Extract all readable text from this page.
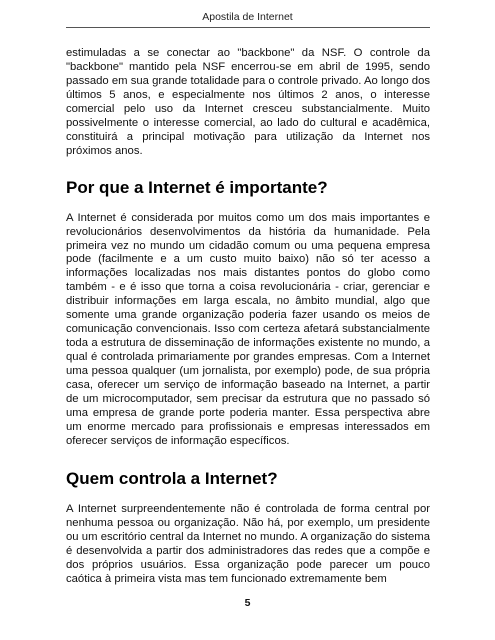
Apostila de Internet

estimuladas a se conectar ao "backbone" da NSF. O controle da "backbone" mantido pela NSF encerrou-se em abril de 1995, sendo passado em sua grande totalidade para o controle privado. Ao longo dos últimos 5 anos, e especialmente nos últimos 2 anos, o interesse comercial pelo uso da Internet cresceu substancialmente. Muito possivelmente o interesse comercial, ao lado do cultural e acadêmica, constituirá a principal motivação para utilização da Internet nos próximos anos.

Por que a Internet é importante?

A Internet é considerada por muitos como um dos mais importantes e revolucionários desenvolvimentos da história da humanidade. Pela primeira vez no mundo um cidadão comum ou uma pequena empresa pode (facilmente e a um custo muito baixo) não só ter acesso a informações localizadas nos mais distantes pontos do globo como também - e é isso que torna a coisa revolucionária - criar, gerenciar e distribuir informações em larga escala, no âmbito mundial, algo que somente uma grande organização poderia fazer usando os meios de comunicação convencionais. Isso com certeza afetará substancialmente toda a estrutura de disseminação de informações existente no mundo, a qual é controlada primariamente por grandes empresas. Com a Internet uma pessoa qualquer (um jornalista, por exemplo) pode, de sua própria casa, oferecer um serviço de informação baseado na Internet, a partir de um microcomputador, sem precisar da estrutura que no passado só uma empresa de grande porte poderia manter. Essa perspectiva abre um enorme mercado para profissionais e empresas interessados em oferecer serviços de informação específicos.

Quem controla a Internet?

A Internet surpreendentemente não é controlada de forma central por nenhuma pessoa ou organização. Não há, por exemplo, um presidente ou um escritório central da Internet no mundo. A organização do sistema é desenvolvida a partir dos administradores das redes que a compõe e dos próprios usuários. Essa organização pode parecer um pouco caótica à primeira vista mas tem funcionado extremamente bem

5
